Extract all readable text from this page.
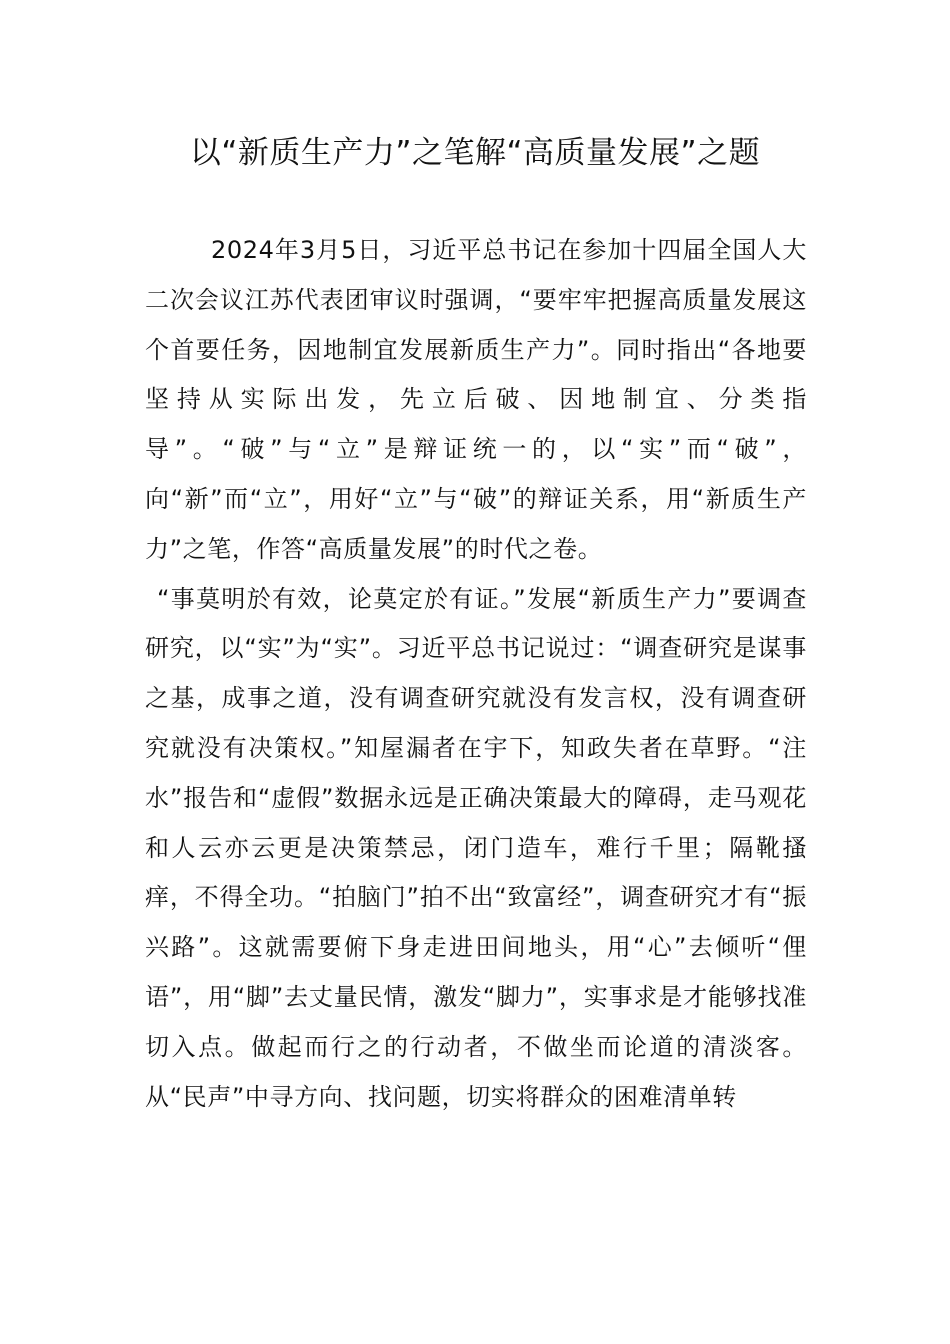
以“新质生产力”之笔解“高质量发展”之题

2024年3月5日，习近平总书记在参加十四届全国人大二次会议江苏代表团审议时强调，“要牢牢把握高质量发展这个首要任务，因地制宜发展新质生产力”。同时指出“各地要坚持从实际出发，先立后破、因地制宜、分类指导”。“破”与“立”是辩证统一的，以“实”而“破”，向“新”而“立”，用好“立”与“破”的辩证关系，用“新质生产力”之笔，作答“高质量发展”的时代之卷。

“事莫明於有效，论莫定於有证。”发展“新质生产力”要调查研究，以“实”为“实”。习近平总书记说过：“调查研究是谋事之基，成事之道，没有调查研究就没有发言权，没有调查研究就没有决策权。”知屋漏者在宇下，知政失者在草野。“注水”报告和“虚假”数据永远是正确决策最大的障碍，走马观花和人云亦云更是决策禁忌，闭门造车，难行千里；隔靴搔痒，不得全功。“拍脑门”拍不出“致富经”，调查研究才有“振兴路”。这就需要俯下身走进田间地头，用“心”去倾听“俚语”，用“脚”去丈量民情，激发“脚力”，实事求是才能够找准切入点。做起而行之的行动者，不做坐而论道的清淡客。从“民声”中寻方向、找问题，切实将群众的困难清单转
